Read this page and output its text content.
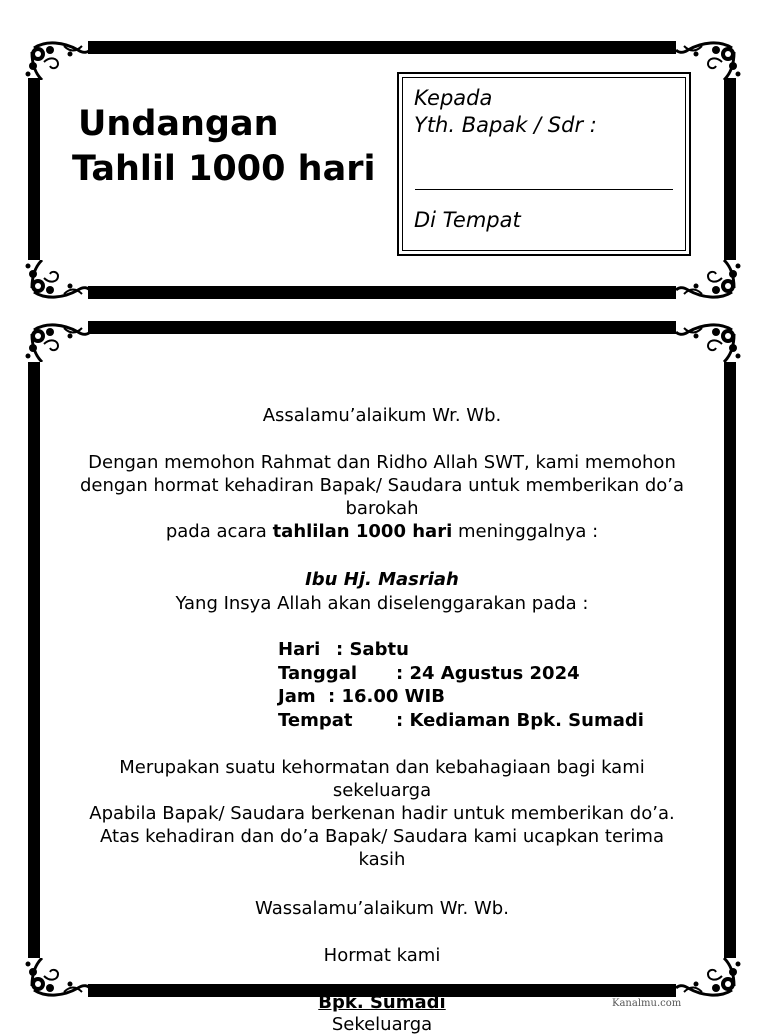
Undangan
Tahlil 1000 hari
Kepada
Yth. Bapak / Sdr :
Di Tempat
Assalamu’alaikum Wr. Wb.
Dengan memohon Rahmat dan Ridho Allah SWT, kami memohon
dengan hormat kehadiran Bapak/ Saudara untuk memberikan do’a
barokah
pada acara tahlilan 1000 hari meninggalnya :
Ibu Hj. Masriah
Yang Insya Allah akan diselenggarakan pada :
Hari : Sabtu
Tanggal : 24 Agustus 2024
Jam : 16.00 WIB
Tempat : Kediaman Bpk. Sumadi
Merupakan suatu kehormatan dan kebahagiaan bagi kami
sekeluarga
Apabila Bapak/ Saudara berkenan hadir untuk memberikan do’a.
Atas kehadiran dan do’a Bapak/ Saudara kami ucapkan terima
kasih
Wassalamu’alaikum Wr. Wb.
Hormat kami
Bpk. Sumadi
Sekeluarga
Kanalmu.com
